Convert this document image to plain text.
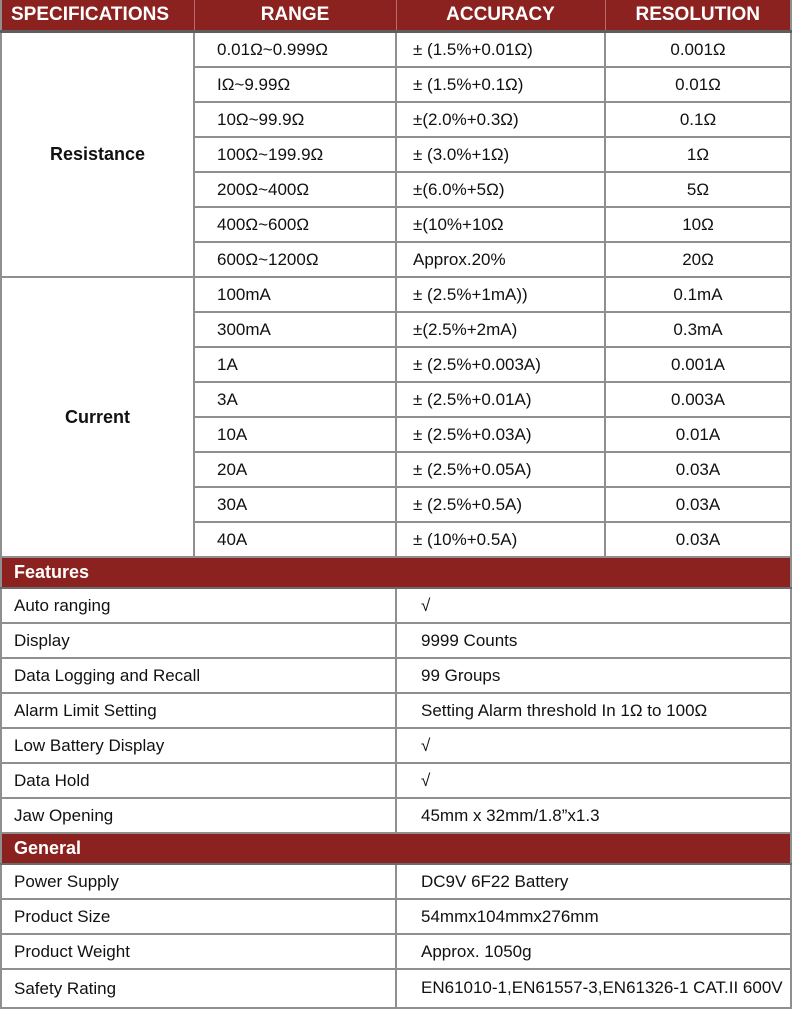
SPECIFICATIONS	RANGE	ACCURACY	RESOLUTION
Resistance	0.01Ω~0.999Ω	± (1.5%+0.01Ω)	0.001Ω
	IΩ~9.99Ω	± (1.5%+0.1Ω)	0.01Ω
	10Ω~99.9Ω	±(2.0%+0.3Ω)	0.1Ω
	100Ω~199.9Ω	± (3.0%+1Ω)	1Ω
	200Ω~400Ω	±(6.0%+5Ω)	5Ω
	400Ω~600Ω	±(10%+10Ω	10Ω
	600Ω~1200Ω	Approx.20%	20Ω
Current	100mA	± (2.5%+1mA))	0.1mA
	300mA	±(2.5%+2mA)	0.3mA
	1A	± (2.5%+0.003A)	0.001A
	3A	± (2.5%+0.01A)	0.003A
	10A	± (2.5%+0.03A)	0.01A
	20A	± (2.5%+0.05A)	0.03A
	30A	± (2.5%+0.5A)	0.03A
	40A	± (10%+0.5A)	0.03A
Features			
Auto ranging		√	
Display		9999 Counts	
Data Logging and Recall		99 Groups	
Alarm Limit Setting		Setting Alarm threshold In 1Ω to 100Ω	
Low Battery Display		√	
Data Hold		√	
Jaw Opening		45mm x 32mm/1.8”x1.3	
General			
Power Supply		DC9V 6F22 Battery	
Product Size		54mmx104mmx276mm	
Product Weight		Approx. 1050g	
Safety Rating		EN61010-1,EN61557-3,EN61326-1 CAT.II 600V	
